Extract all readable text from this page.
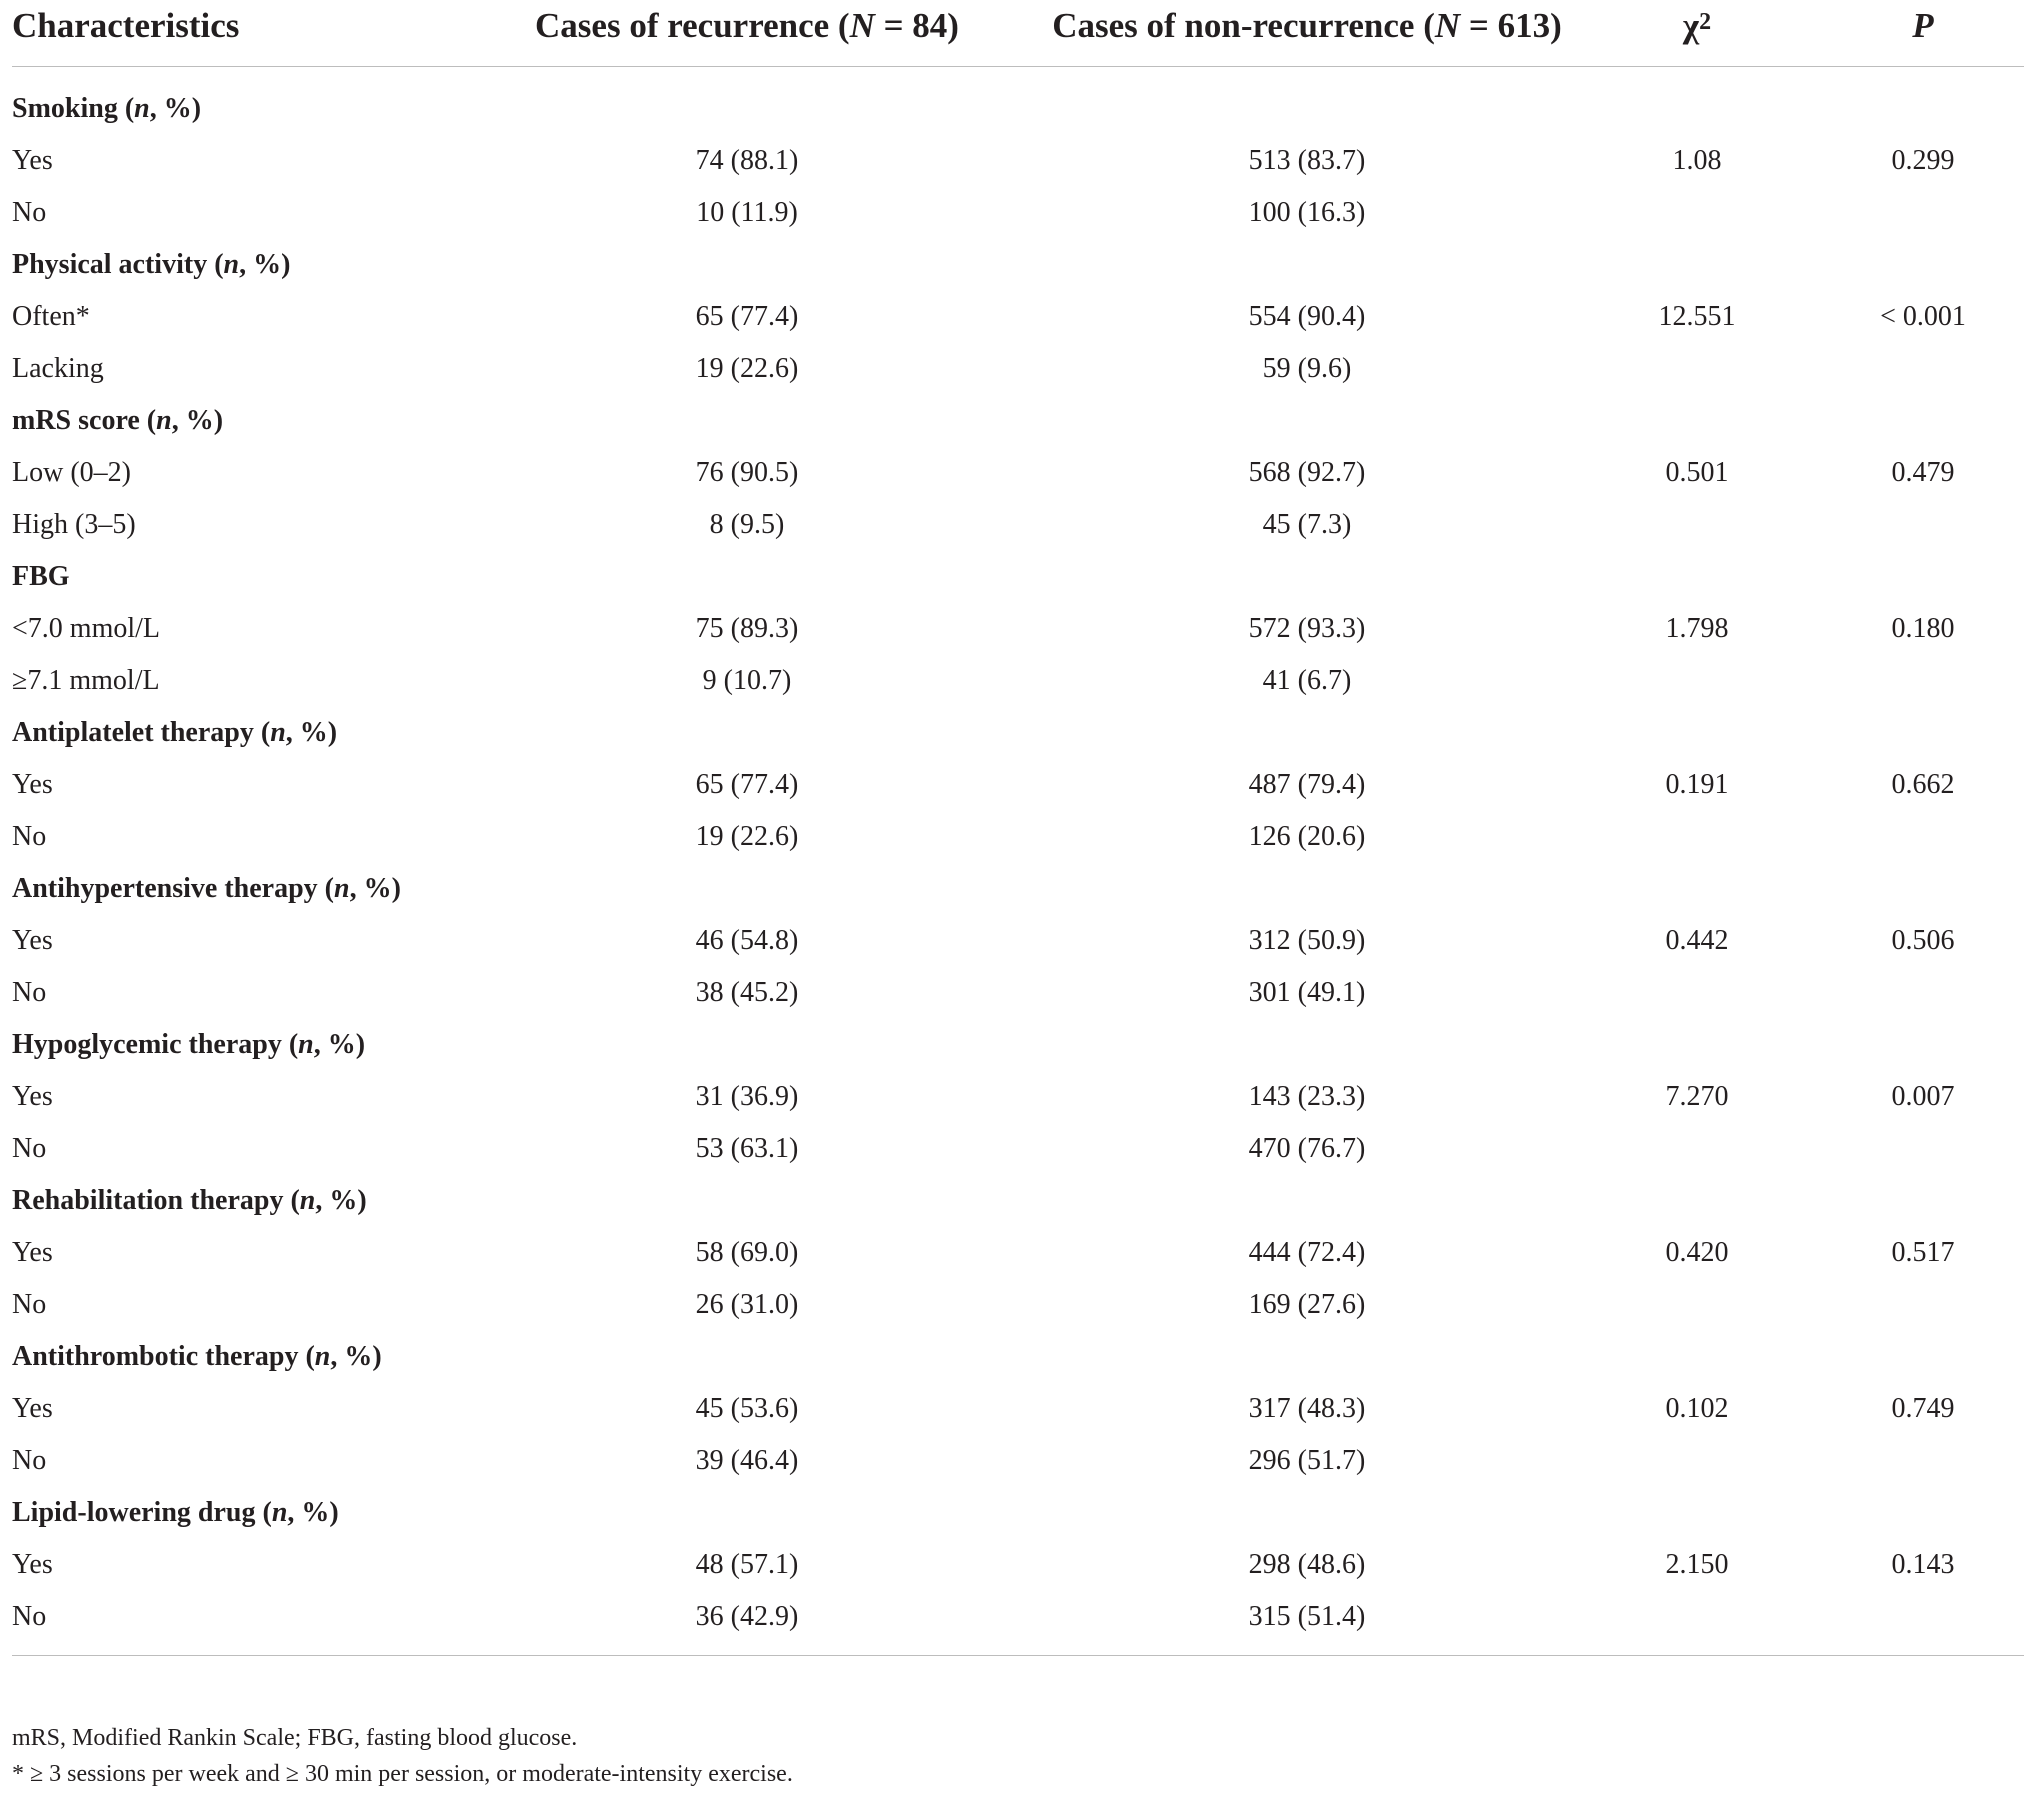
Characteristics	Cases of recurrence (N = 84)	Cases of non-recurrence (N = 613)	$\chi^2$	P
Smoking (n, %)				
Yes	74 (88.1)	513 (83.7)	1.08	0.299
No	10 (11.9)	100 (16.3)		
Physical activity (n, %)				
Often*	65 (77.4)	554 (90.4)	12.551	< 0.001
Lacking	19 (22.6)	59 (9.6)		
mRS score (n, %)				
Low (0–2)	76 (90.5)	568 (92.7)	0.501	0.479
High (3–5)	8 (9.5)	45 (7.3)		
FBG				
<7.0 mmol/L	75 (89.3)	572 (93.3)	1.798	0.180
≥7.1 mmol/L	9 (10.7)	41 (6.7)		
Antiplatelet therapy (n, %)				
Yes	65 (77.4)	487 (79.4)	0.191	0.662
No	19 (22.6)	126 (20.6)		
Antihypertensive therapy (n, %)				
Yes	46 (54.8)	312 (50.9)	0.442	0.506
No	38 (45.2)	301 (49.1)		
Hypoglycemic therapy (n, %)				
Yes	31 (36.9)	143 (23.3)	7.270	0.007
No	53 (63.1)	470 (76.7)		
Rehabilitation therapy (n, %)				
Yes	58 (69.0)	444 (72.4)	0.420	0.517
No	26 (31.0)	169 (27.6)		
Antithrombotic therapy (n, %)				
Yes	45 (53.6)	317 (48.3)	0.102	0.749
No	39 (46.4)	296 (51.7)		
Lipid-lowering drug (n, %)				
Yes	48 (57.1)	298 (48.6)	2.150	0.143
No	36 (42.9)	315 (51.4)		

mRS, Modified Rankin Scale; FBG, fasting blood glucose.

* ≥ 3 sessions per week and ≥ 30 min per session, or moderate-intensity exercise.
